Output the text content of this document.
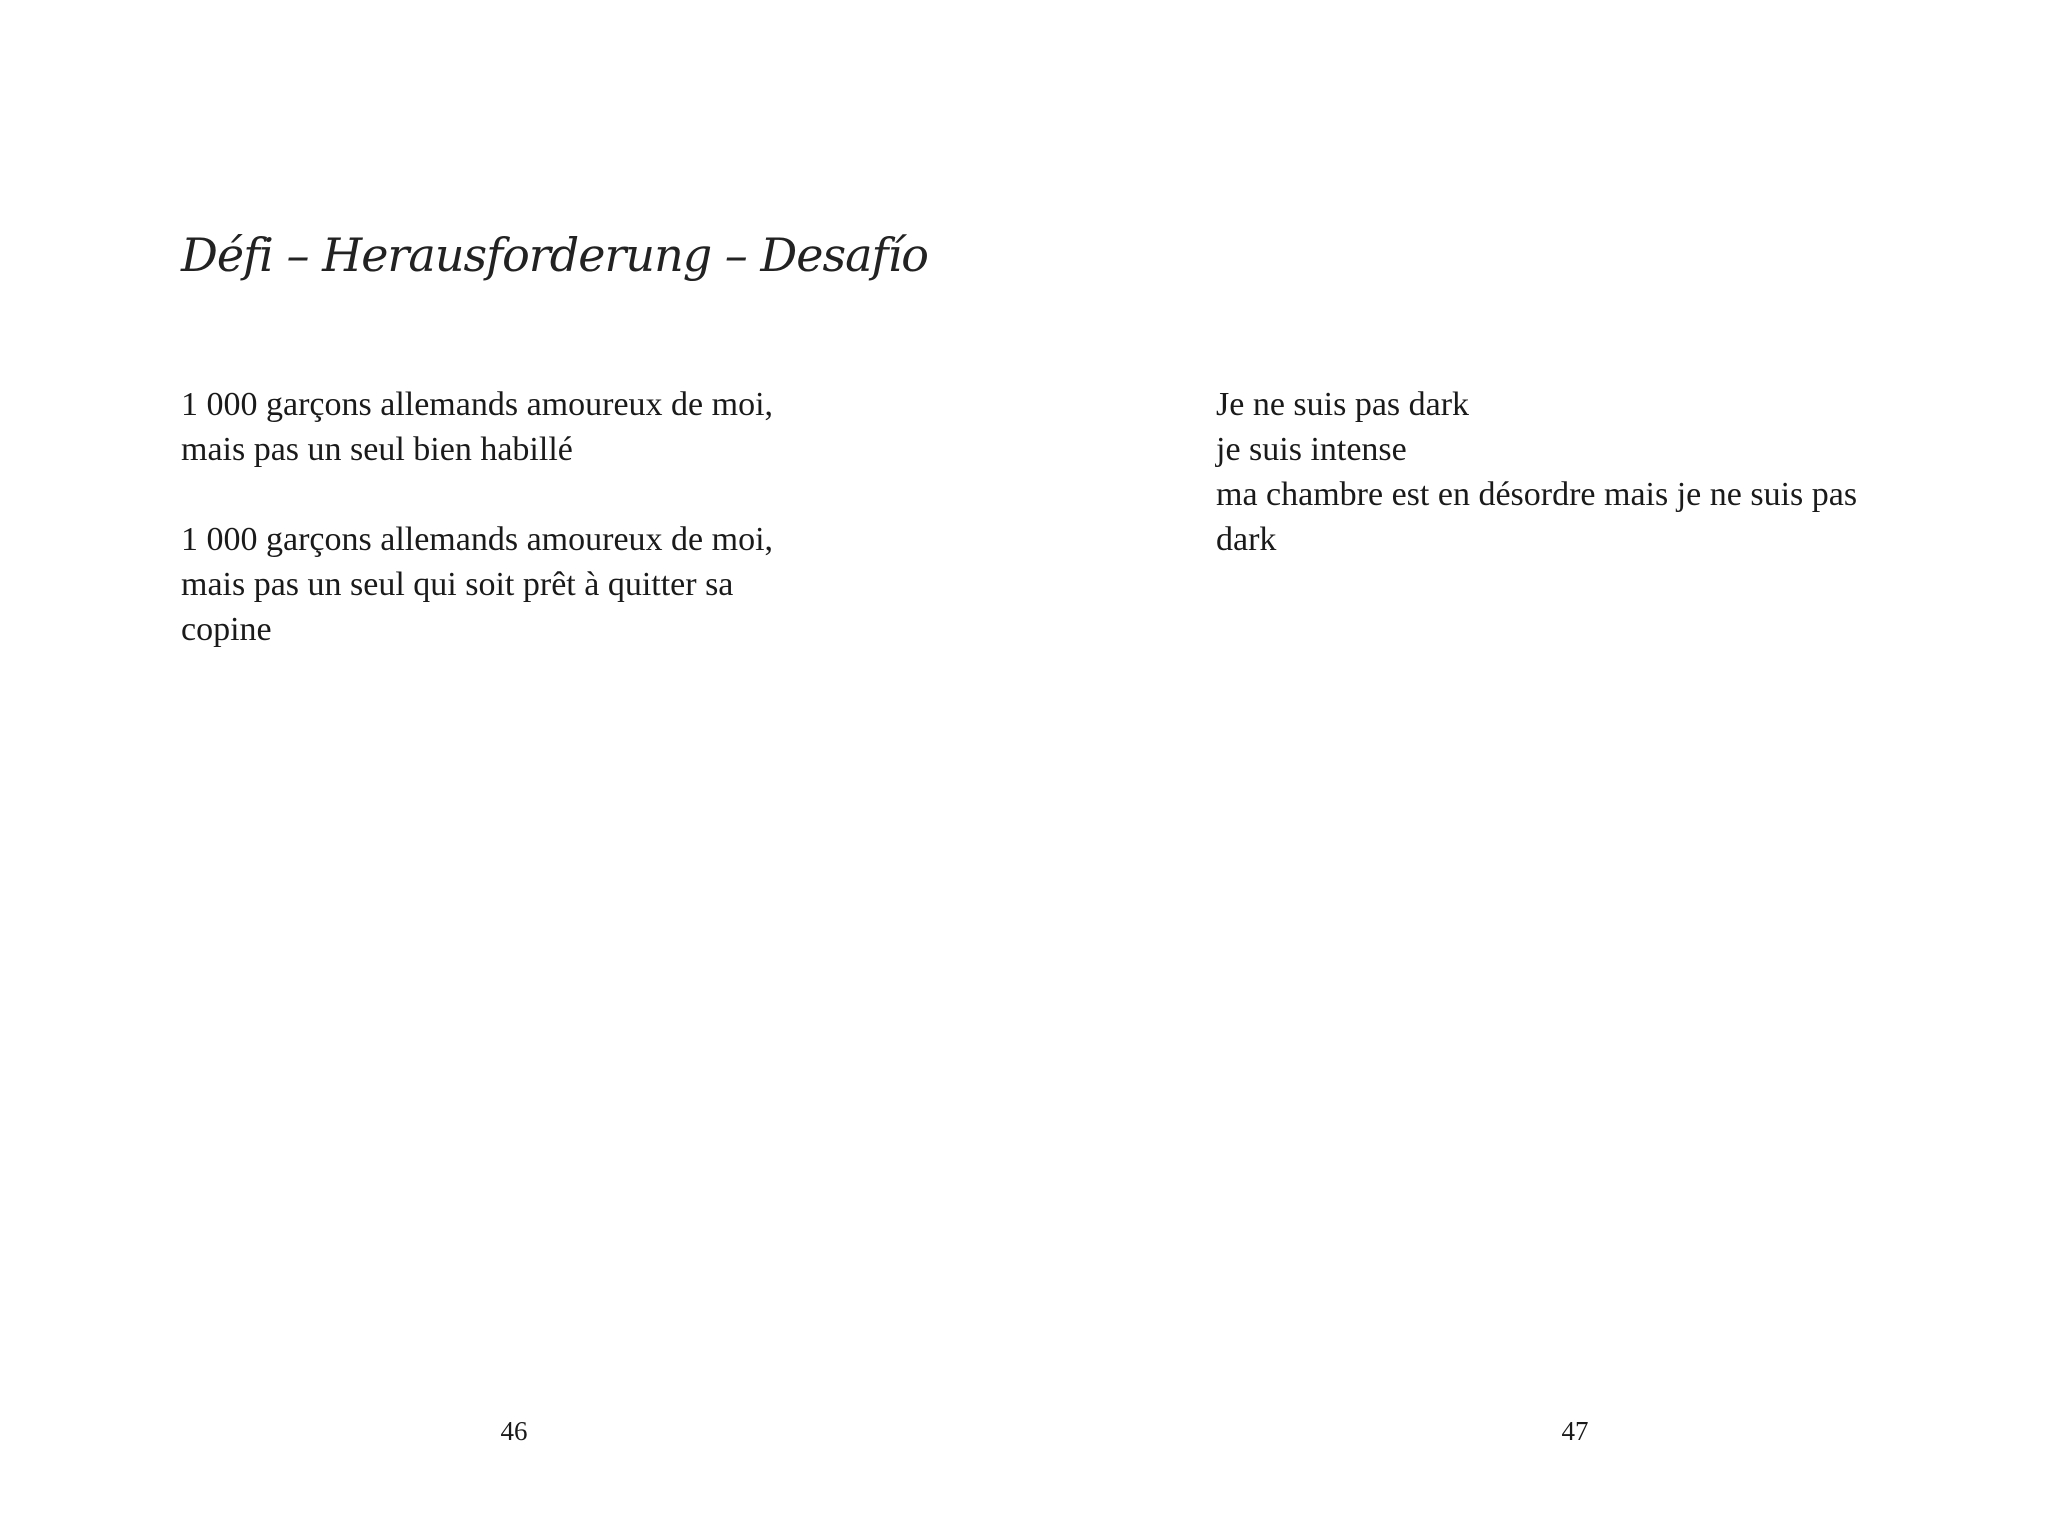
Défi – Herausforderung – Desafío

1 000 garçons allemands amoureux de moi,
mais pas un seul bien habillé

1 000 garçons allemands amoureux de moi,
mais pas un seul qui soit prêt à quitter sa
copine

46

Je ne suis pas dark
je suis intense
ma chambre est en désordre mais je ne suis pas
dark

47
